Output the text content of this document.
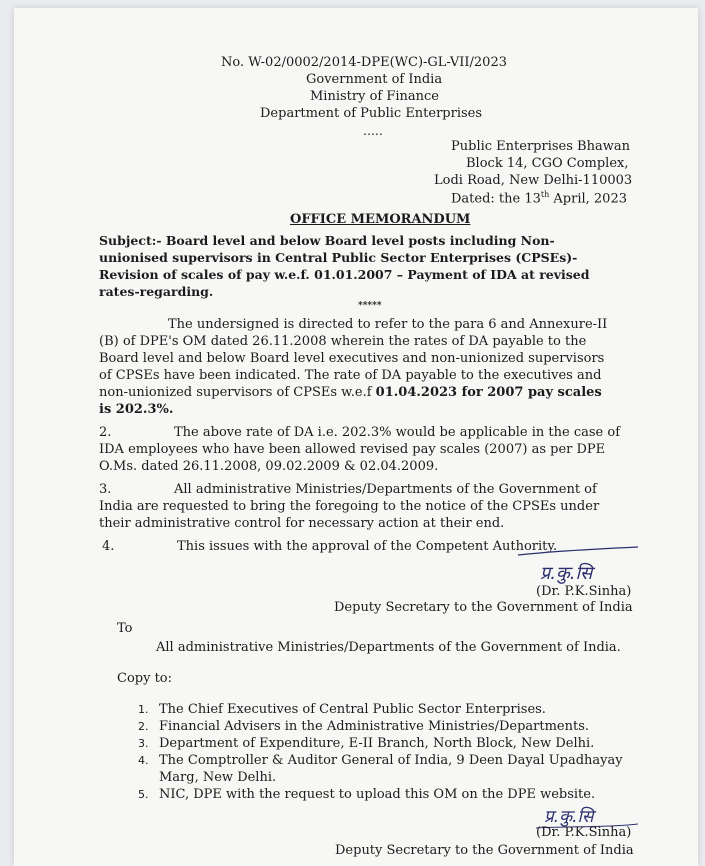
No. W-02/0002/2014-DPE(WC)-GL-VII/2023
Government of India
Ministry of Finance
Department of Public Enterprises
.....
Public Enterprises Bhawan
Block 14, CGO Complex,
Lodi Road, New Delhi-110003
Dated: the 13th April, 2023
OFFICE MEMORANDUM
Subject:- Board level and below Board level posts including Non-
unionised supervisors in Central Public Sector Enterprises (CPSEs)-
Revision of scales of pay w.e.f. 01.01.2007 – Payment of IDA at revised
rates-regarding.
*****
The undersigned is directed to refer to the para 6 and Annexure-II
(B) of DPE's OM dated 26.11.2008 wherein the rates of DA payable to the
Board level and below Board level executives and non-unionized supervisors
of CPSEs have been indicated. The rate of DA payable to the executives and
non-unionized supervisors of CPSEs w.e.f 01.04.2023 for 2007 pay scales
is 202.3%.
2.	The above rate of DA i.e. 202.3% would be applicable in the case of
IDA employees who have been allowed revised pay scales (2007) as per DPE
O.Ms. dated 26.11.2008, 09.02.2009 & 02.04.2009.
3.	All administrative Ministries/Departments of the Government of
India are requested to bring the foregoing to the notice of the CPSEs under
their administrative control for necessary action at their end.
4.	This issues with the approval of the Competent Authority.
प्र.कु.सि
(Dr. P.K.Sinha)
Deputy Secretary to the Government of India
To
All administrative Ministries/Departments of the Government of India.
Copy to:
1. The Chief Executives of Central Public Sector Enterprises.
2. Financial Advisers in the Administrative Ministries/Departments.
3. Department of Expenditure, E-II Branch, North Block, New Delhi.
4. The Comptroller & Auditor General of India, 9 Deen Dayal Upadhayay
Marg, New Delhi.
5. NIC, DPE with the request to upload this OM on the DPE website.
प्र.कु.सि
(Dr. P.K.Sinha)
Deputy Secretary to the Government of India
